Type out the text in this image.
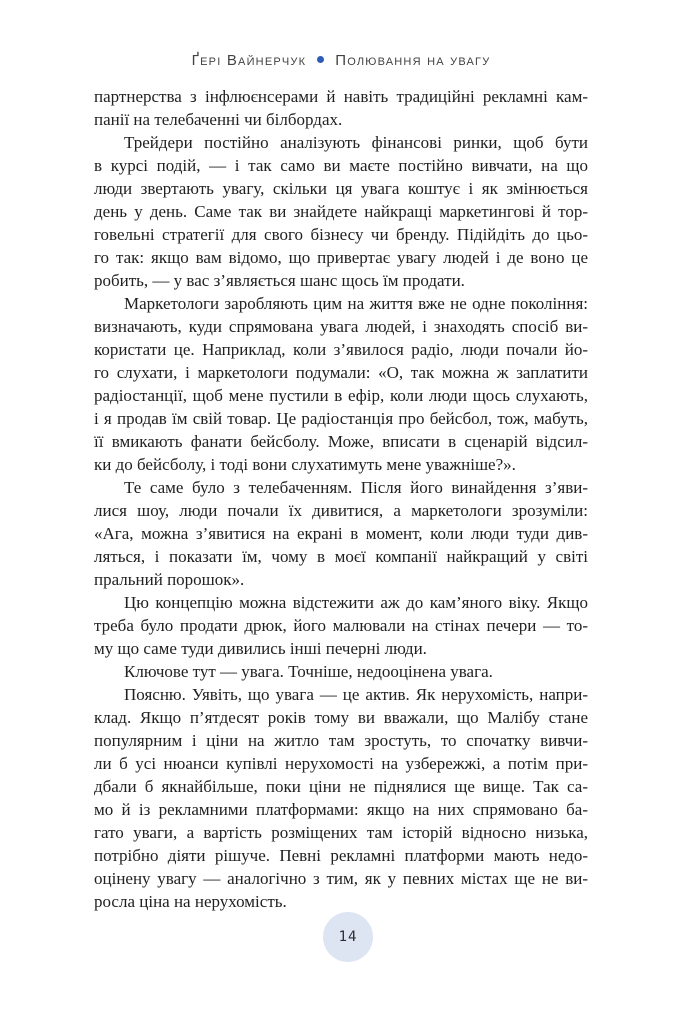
Ґері Вайнерчук Полювання на увагу
партнерства з інфлюєнсерами й навіть традиційні рекламні кам-
панії на телебаченні чи білбордах.
Трейдери постійно аналізують фінансові ринки, щоб бути
в курсі подій, — і так само ви маєте постійно вивчати, на що
люди звертають увагу, скільки ця увага коштує і як змінюється
день у день. Саме так ви знайдете найкращі маркетингові й тор-
говельні стратегії для свого бізнесу чи бренду. Підійдіть до цьо-
го так: якщо вам відомо, що привертає увагу людей і де воно це
робить, — у вас з’являється шанс щось їм продати.
Маркетологи заробляють цим на життя вже не одне покоління:
визначають, куди спрямована увага людей, і знаходять спосіб ви-
користати це. Наприклад, коли з’явилося радіо, люди почали йо-
го слухати, і маркетологи подумали: «О, так можна ж заплатити
радіостанції, щоб мене пустили в ефір, коли люди щось слухають,
і я продав їм свій товар. Це радіостанція про бейсбол, тож, мабуть,
її вмикають фанати бейсболу. Може, вписати в сценарій відсил-
ки до бейсболу, і тоді вони слухатимуть мене уважніше?».
Те саме було з телебаченням. Після його винайдення з’яви-
лися шоу, люди почали їх дивитися, а маркетологи зрозуміли:
«Ага, можна з’явитися на екрані в момент, коли люди туди див-
ляться, і показати їм, чому в моєї компанії найкращий у світі
пральний порошок».
Цю концепцію можна відстежити аж до кам’яного віку. Якщо
треба було продати дрюк, його малювали на стінах печери — то-
му що саме туди дивились інші печерні люди.
Ключове тут — увага. Точніше, недооцінена увага.
Поясню. Уявіть, що увага — це актив. Як нерухомість, напри-
клад. Якщо п’ятдесят років тому ви вважали, що Малібу стане
популярним і ціни на житло там зростуть, то спочатку вивчи-
ли б усі нюанси купівлі нерухомості на узбережжі, а потім при-
дбали б якнайбільше, поки ціни не піднялися ще вище. Так са-
мо й із рекламними платформами: якщо на них спрямовано ба-
гато уваги, а вартість розміщених там історій відносно низька,
потрібно діяти рішуче. Певні рекламні платформи мають недо-
оцінену увагу — аналогічно з тим, як у певних містах ще не ви-
росла ціна на нерухомість.
14
